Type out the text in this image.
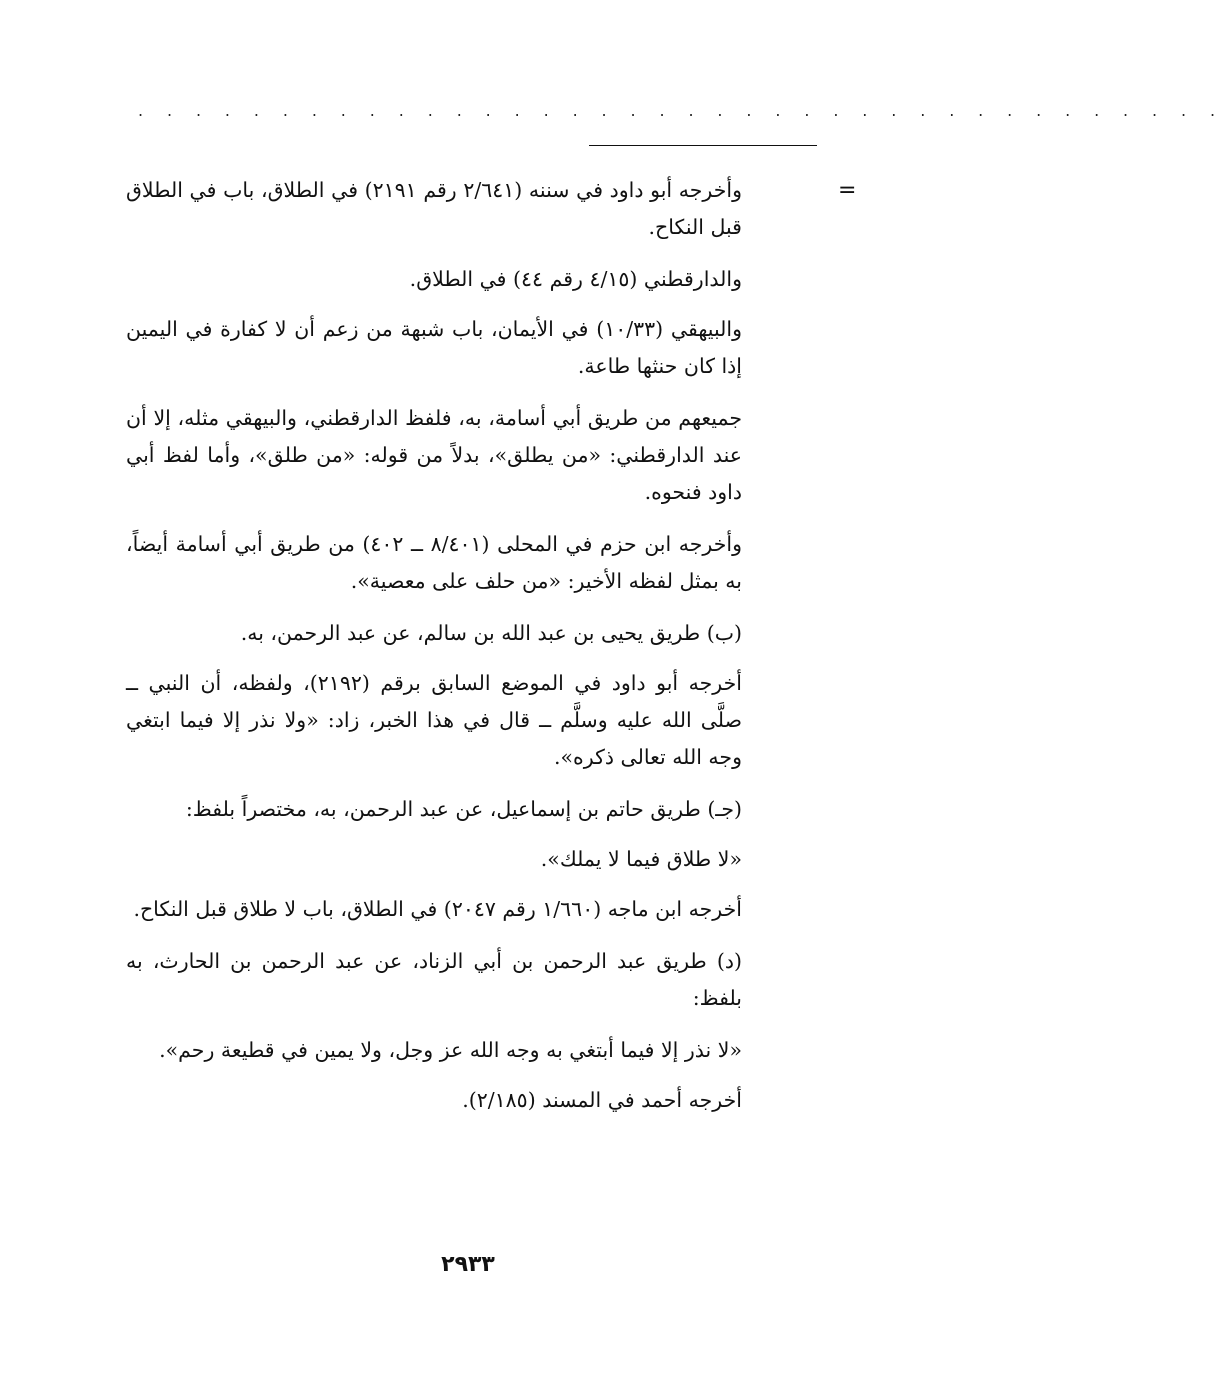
. . . . . . . . . . . . . . . . . . . . . . . . . . . . . . . . . . . . . .
=

وأخرجه أبو داود في سننه (٢/٦٤١ رقم ٢١٩١) في الطلاق، باب في الطلاق قبل النكاح.

والدارقطني (٤/١٥ رقم ٤٤) في الطلاق.

والبيهقي (١٠/٣٣) في الأيمان، باب شبهة من زعم أن لا كفارة في اليمين إذا كان حنثها طاعة.

جميعهم من طريق أبي أسامة، به، فلفظ الدارقطني، والبيهقي مثله، إلا أن عند الدارقطني: «من يطلق»، بدلاً من قوله: «من طلق»، وأما لفظ أبي داود فنحوه.

وأخرجه ابن حزم في المحلى (٨/٤٠١ ــ ٤٠٢) من طريق أبي أسامة أيضاً، به بمثل لفظه الأخير: «من حلف على معصية».

(ب) طريق يحيى بن عبد الله بن سالم، عن عبد الرحمن، به.

أخرجه أبو داود في الموضع السابق برقم (٢١٩٢)، ولفظه، أن النبي ــ صلَّى الله عليه وسلَّم ــ قال في هذا الخبر، زاد: «ولا نذر إلا فيما ابتغي وجه الله تعالى ذكره».

(جـ) طريق حاتم بن إسماعيل، عن عبد الرحمن، به، مختصراً بلفظ:

«لا طلاق فيما لا يملك».

أخرجه ابن ماجه (١/٦٦٠ رقم ٢٠٤٧) في الطلاق، باب لا طلاق قبل النكاح.

(د) طريق عبد الرحمن بن أبي الزناد، عن عبد الرحمن بن الحارث، به بلفظ:

«لا نذر إلا فيما أبتغي به وجه الله عز وجل، ولا يمين في قطيعة رحم».

أخرجه أحمد في المسند (٢/١٨٥).

٢٩٣٣
